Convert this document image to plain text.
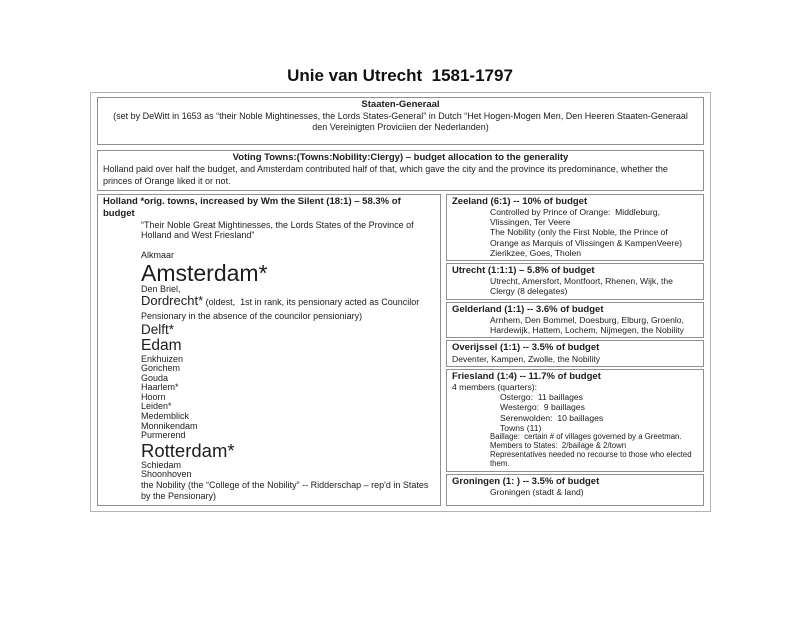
Unie van Utrecht  1581-1797
Staaten-Generaal
(set by DeWitt in 1653 as “their Noble Mightinesses, the Lords States-General” in Dutch “Het Hogen-Mogen Men, Den Heeren Staaten-Generaal den Vereinigten Proviciien der Nederlanden)
Voting Towns:(Towns:Nobility:Clergy) – budget allocation to the generality
Holland paid over half the budget, and Amsterdam contributed half of that, which gave the city and the province its predominance, whether the princes of Orange liked it or not.
Holland *orig. towns, increased by Wm the Silent (18:1) – 58.3% of budget
“Their Noble Great Mightinesses, the Lords States of the Province of Holland and West Friesland”
Alkmaar
Amsterdam*
Den Briel,
Dordrecht* (oldest,  1st in rank, its pensionary acted as Councilor Pensionary in the absence of the councilor pensioniary)
Delft*
Edam
Enkhuizen
Gorichem
Gouda
Haarlem*
Hoorn
Leiden*
Medemblick
Monnikendam
Purmerend
Rotterdam*
Schiedam
Shoonhoven
the Nobility (the “College of the Nobility” -- Ridderschap – rep'd in States by the Pensionary)
Zeeland (6:1) -- 10% of budget
Controlled by Prince of Orange:  Middleburg, Vlissingen, Ter Veere
The Nobility (only the First Noble, the Prince of Orange as Marquis of Vlissingen & KampenVeere)
Zierikzee, Goes, Tholen
Utrecht (1:1:1) – 5.8% of budget
Utrecht, Amersfort, Montfoort, Rhenen, Wijk, the Clergy (8 delegates)
Gelderland (1:1) -- 3.6% of budget
Arnhem, Den Bommel, Doesburg, Elburg, Groenlo, Hardewijk, Hattem, Lochem, Nijmegen, the Nobility
Overijssel (1:1) -- 3.5% of budget
Deventer, Kampen, Zwolle, the Nobility
Friesland (1:4) -- 11.7% of budget
4 members (quarters):
Ostergo:  11 baillages
Westergo:  9 baillages
Serenwolden:  10 baillages
Towns (11)
Baillage:  certain # of villages governed by a Greetman.
Members to States:  2/bailage & 2/town
Representatives needed no recourse to those who elected them.
Groningen (1: ) -- 3.5% of budget
Groningen (stadt & land)
